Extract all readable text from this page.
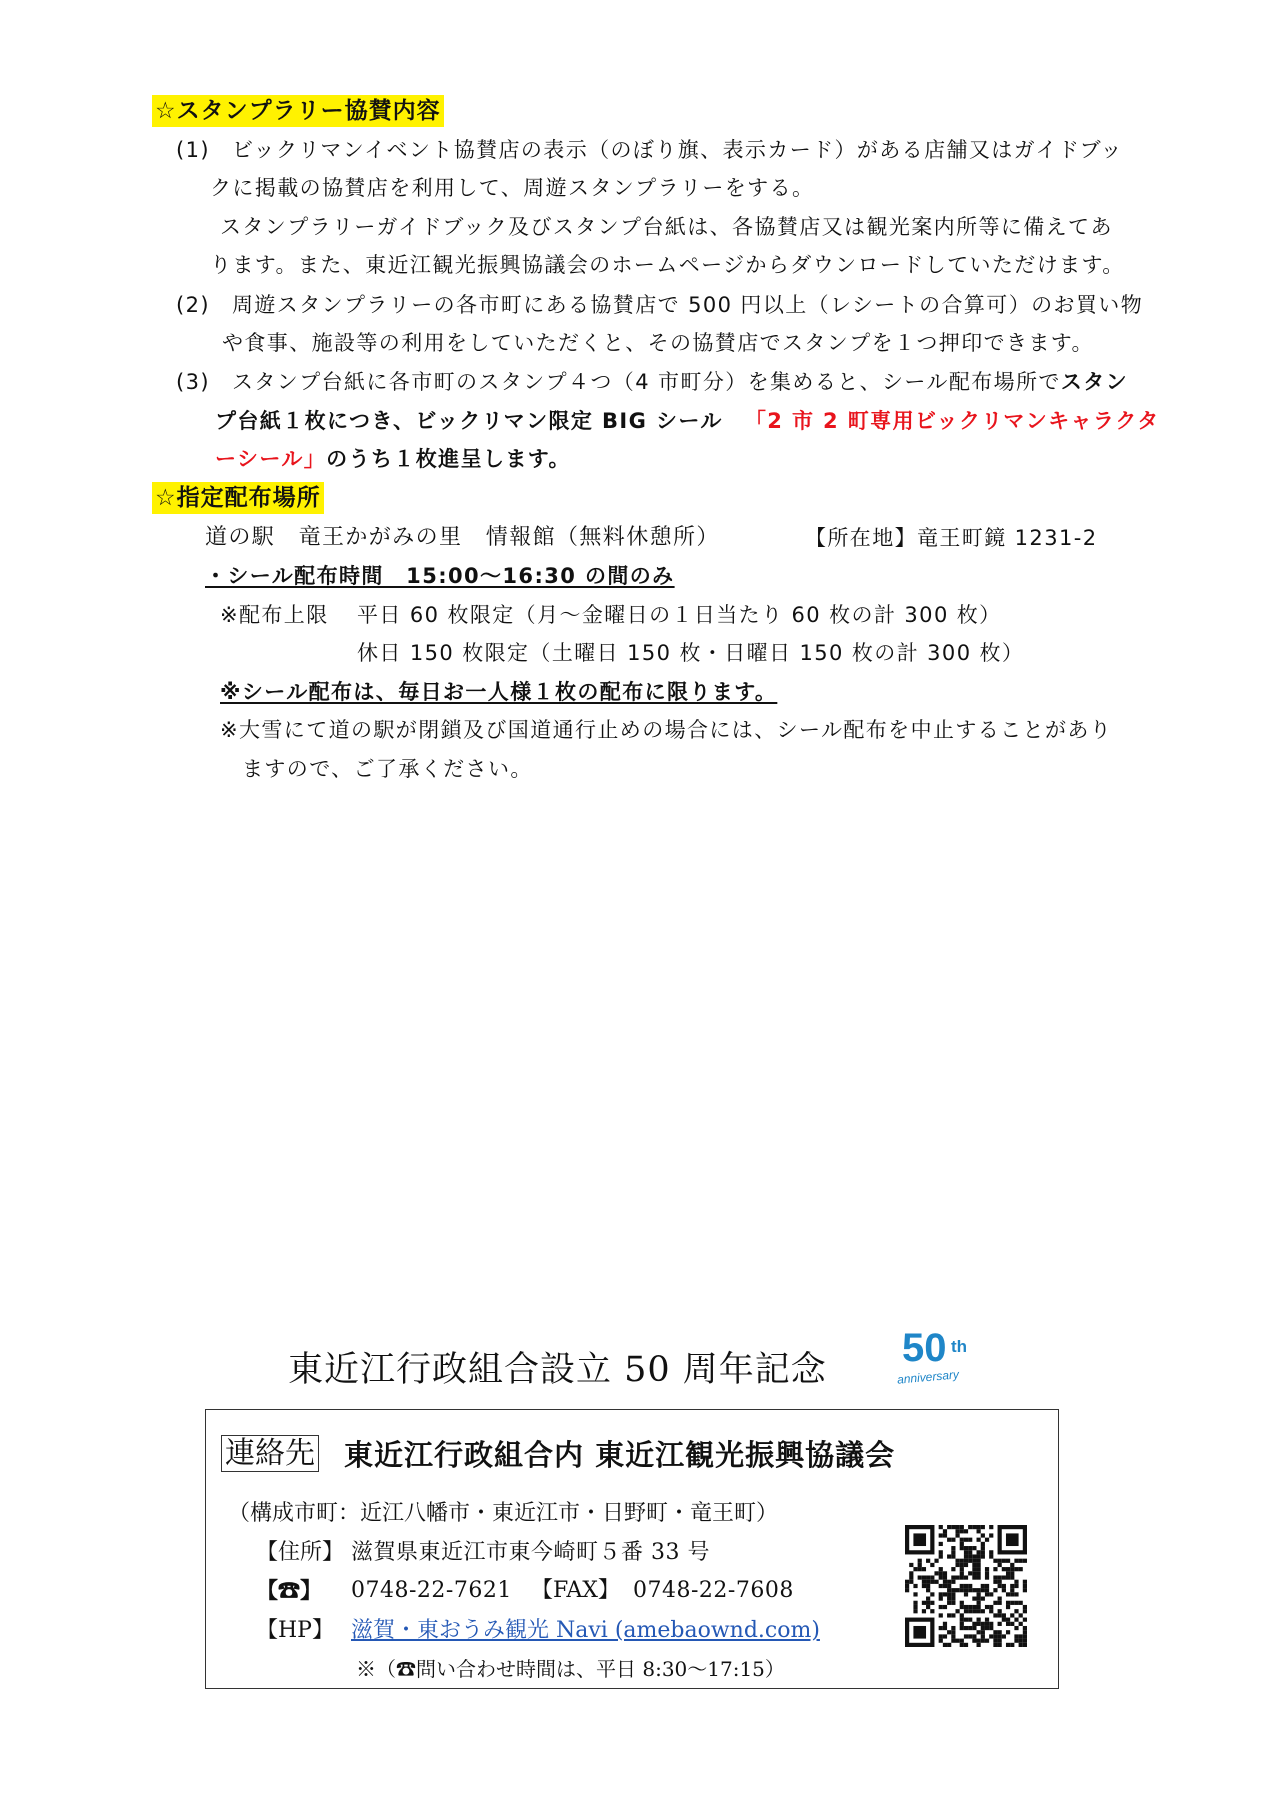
☆スタンプラリー協賛内容
(1) ビックリマンイベント協賛店の表示（のぼり旗、表示カード）がある店舗又はガイドブッ
クに掲載の協賛店を利用して、周遊スタンプラリーをする。
スタンプラリーガイドブック及びスタンプ台紙は、各協賛店又は観光案内所等に備えてあ
ります。また、東近江観光振興協議会のホームページからダウンロードしていただけます。
(2) 周遊スタンプラリーの各市町にある協賛店で 500 円以上（レシートの合算可）のお買い物
や食事、施設等の利用をしていただくと、その協賛店でスタンプを１つ押印できます。
(3) スタンプ台紙に各市町のスタンプ４つ（4 市町分）を集めると、シール配布場所でスタン
プ台紙１枚につき、ビックリマン限定 BIG シール 「2 市 2 町専用ビックリマンキャラクタ
ーシール」のうち１枚進呈します。
☆指定配布場所
道の駅　竜王かがみの里　情報館（無料休憩所）	【所在地】竜王町鏡 1231-2
・シール配布時間　15:00～16:30 の間のみ
※配布上限 平日 60 枚限定（月～金曜日の１日当たり 60 枚の計 300 枚）
休日 150 枚限定（土曜日 150 枚・日曜日 150 枚の計 300 枚）
※シール配布は、毎日お一人様１枚の配布に限ります。
※大雪にて道の駅が閉鎖及び国道通行止めの場合には、シール配布を中止することがあり
ますので、ご了承ください。
東近江行政組合設立 50 周年記念 50 th
anniversary
連絡先 東近江行政組合内 東近江観光振興協議会
（構成市町：近江八幡市・東近江市・日野町・竜王町）
【住所】 滋賀県東近江市東今崎町５番 33 号
【☎】 0748-22-7621 【FAX】 0748-22-7608
【HP】 滋賀・東おうみ観光 Navi (amebaownd.com)
※（☎問い合わせ時間は、平日 8:30～17:15）
